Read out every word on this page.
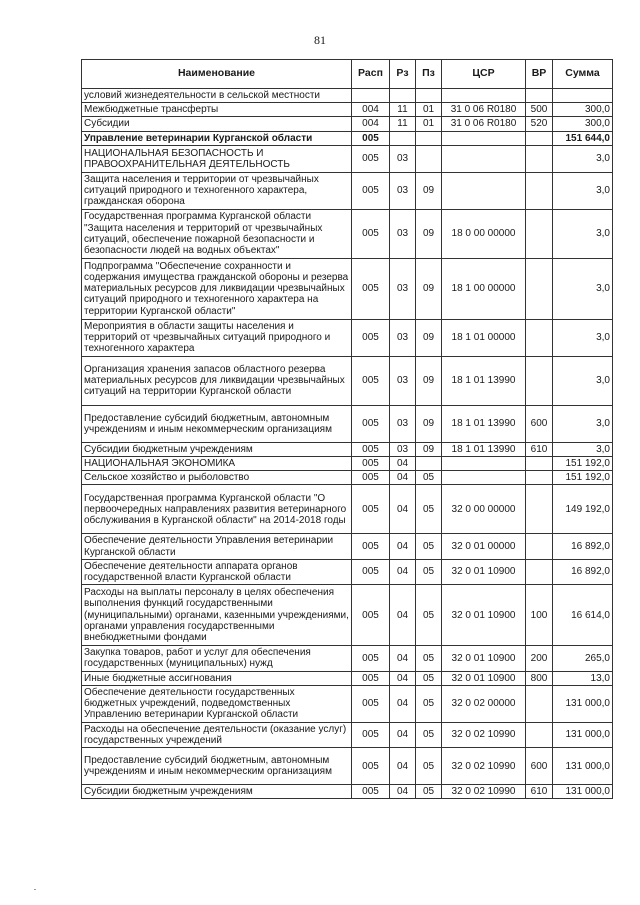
81
Наименование	Расп	Рз	Пз	ЦСР	ВР	Сумма
условий жизнедеятельности в сельской местности						
Межбюджетные трансферты	004	11	01	31 0 06 R0180	500	300,0
Субсидии	004	11	01	31 0 06 R0180	520	300,0
Управление ветеринарии Курганской области	005					151 644,0
НАЦИОНАЛЬНАЯ БЕЗОПАСНОСТЬ И ПРАВООХРАНИТЕЛЬНАЯ ДЕЯТЕЛЬНОСТЬ	005	03				3,0
Защита населения и территории от чрезвычайных ситуаций природного и техногенного характера, гражданская оборона	005	03	09			3,0
Государственная программа Курганской области "Защита населения и территорий от чрезвычайных ситуаций, обеспечение пожарной безопасности и безопасности людей на водных объектах"	005	03	09	18 0 00 00000		3,0
Подпрограмма "Обеспечение сохранности и содержания имущества гражданской обороны и резерва материальных ресурсов для ликвидации чрезвычайных ситуаций природного и техногенного характера на территории Курганской области"	005	03	09	18 1 00 00000		3,0
Мероприятия в области защиты населения и территорий от чрезвычайных ситуаций природного и техногенного характера	005	03	09	18 1 01 00000		3,0
Организация хранения запасов областного резерва материальных ресурсов для ликвидации чрезвычайных ситуаций на территории Курганской области	005	03	09	18 1 01 13990		3,0
Предоставление субсидий бюджетным, автономным учреждениям и иным некоммерческим организациям	005	03	09	18 1 01 13990	600	3,0
Субсидии бюджетным учреждениям	005	03	09	18 1 01 13990	610	3,0
НАЦИОНАЛЬНАЯ ЭКОНОМИКА	005	04				151 192,0
Сельское хозяйство и рыболовство	005	04	05			151 192,0
Государственная программа Курганской области "О первоочередных направлениях развития ветеринарного обслуживания в Курганской области" на 2014-2018 годы	005	04	05	32 0 00 00000		149 192,0
Обеспечение деятельности Управления ветеринарии Курганской области	005	04	05	32 0 01 00000		16 892,0
Обеспечение деятельности аппарата органов государственной власти Курганской области	005	04	05	32 0 01 10900		16 892,0
Расходы на выплаты персоналу в целях обеспечения выполнения функций государственными (муниципальными) органами, казенными учреждениями, органами управления государственными внебюджетными фондами	005	04	05	32 0 01 10900	100	16 614,0
Закупка товаров, работ и услуг для обеспечения государственных (муниципальных) нужд	005	04	05	32 0 01 10900	200	265,0
Иные бюджетные ассигнования	005	04	05	32 0 01 10900	800	13,0
Обеспечение деятельности государственных бюджетных учреждений, подведомственных Управлению ветеринарии Курганской области	005	04	05	32 0 02 00000		131 000,0
Расходы на обеспечение деятельности (оказание услуг) государственных учреждений	005	04	05	32 0 02 10990		131 000,0
Предоставление субсидий бюджетным, автономным учреждениям и иным некоммерческим организациям	005	04	05	32 0 02 10990	600	131 000,0
Субсидии бюджетным учреждениям	005	04	05	32 0 02 10990	610	131 000,0
